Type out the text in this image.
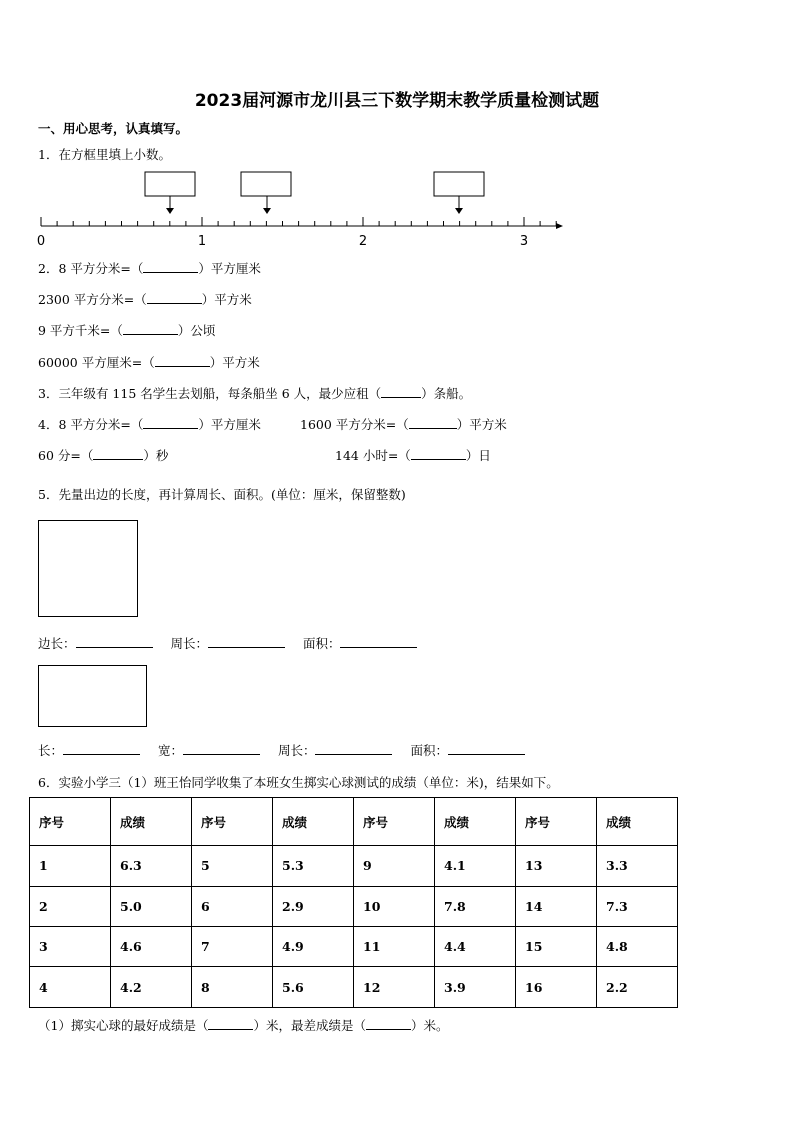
2023届河源市龙川县三下数学期末教学质量检测试题
一、用心思考，认真填写。
1．在方框里填上小数。
0	1	2	3
2．8 平方分米=（	）平方厘米
2300 平方分米=（	）平方米
9 平方千米=（	）公顷
60000 平方厘米=（	）平方米
3．三年级有 115 名学生去划船，每条船坐 6 人，最少应租（	）条船。
4．8 平方分米=（	）平方厘米	1600 平方分米=（	）平方米
60 分=（	）秒	144 小时=（	）日
5．先量出边的长度，再计算周长、面积。(单位：厘米，保留整数)
边长：	周长：	面积：
长：	宽：	周长：	面积：
6．实验小学三（1）班王怡同学收集了本班女生掷实心球测试的成绩（单位：米)，结果如下。
序号	成绩	序号	成绩	序号	成绩	序号	成绩
1	6.3	5	5.3	9	4.1	13	3.3
2	5.0	6	2.9	10	7.8	14	7.3
3	4.6	7	4.9	11	4.4	15	4.8
4	4.2	8	5.6	12	3.9	16	2.2
（1）掷实心球的最好成绩是（	）米，最差成绩是（	）米。
